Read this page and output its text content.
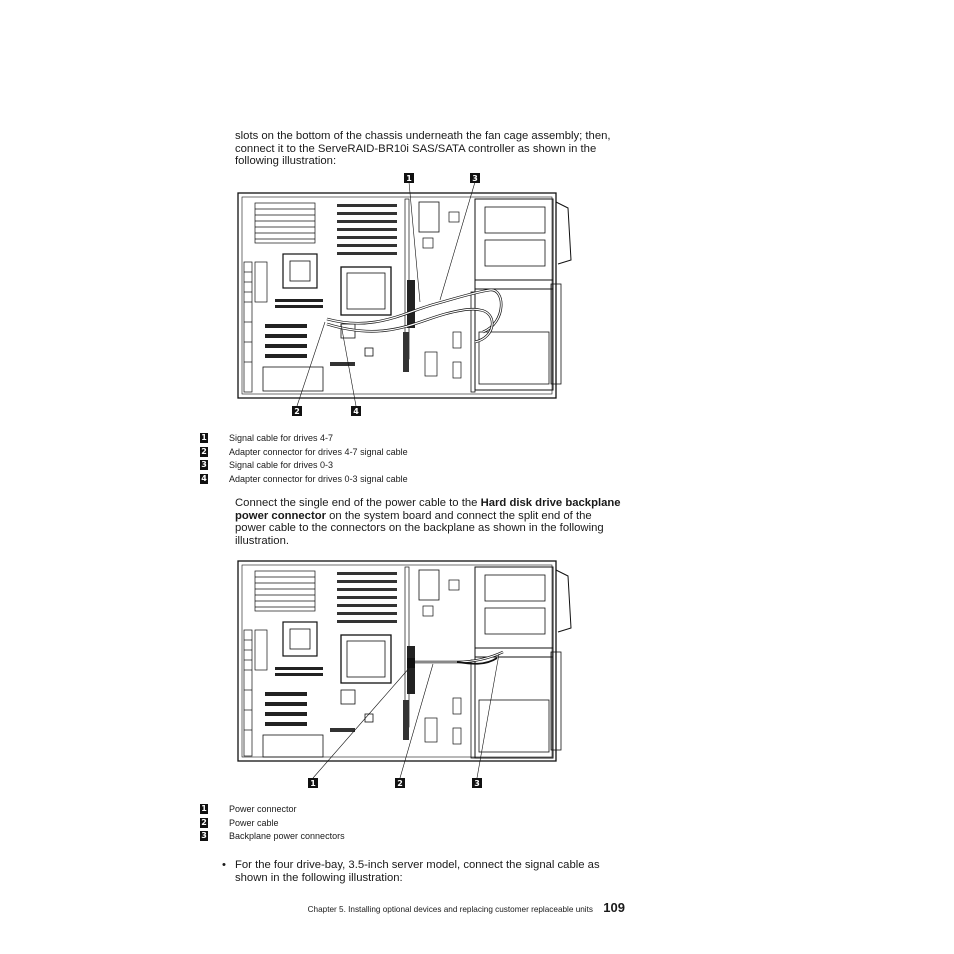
slots on the bottom of the chassis underneath the fan cage assembly; then, connect it to the ServeRAID-BR10i SAS/SATA controller as shown in the following illustration:
1	3
2	4
1 Signal cable for drives 4-7
2 Adapter connector for drives 4-7 signal cable
3 Signal cable for drives 0-3
4 Adapter connector for drives 0-3 signal cable
Connect the single end of the power cable to the Hard disk drive backplane power connector on the system board and connect the split end of the power cable to the connectors on the backplane as shown in the following illustration.
1	2	3
1 Power connector
2 Power cable
3 Backplane power connectors
• For the four drive-bay, 3.5-inch server model, connect the signal cable as shown in the following illustration:
Chapter 5. Installing optional devices and replacing customer replaceable units 109
